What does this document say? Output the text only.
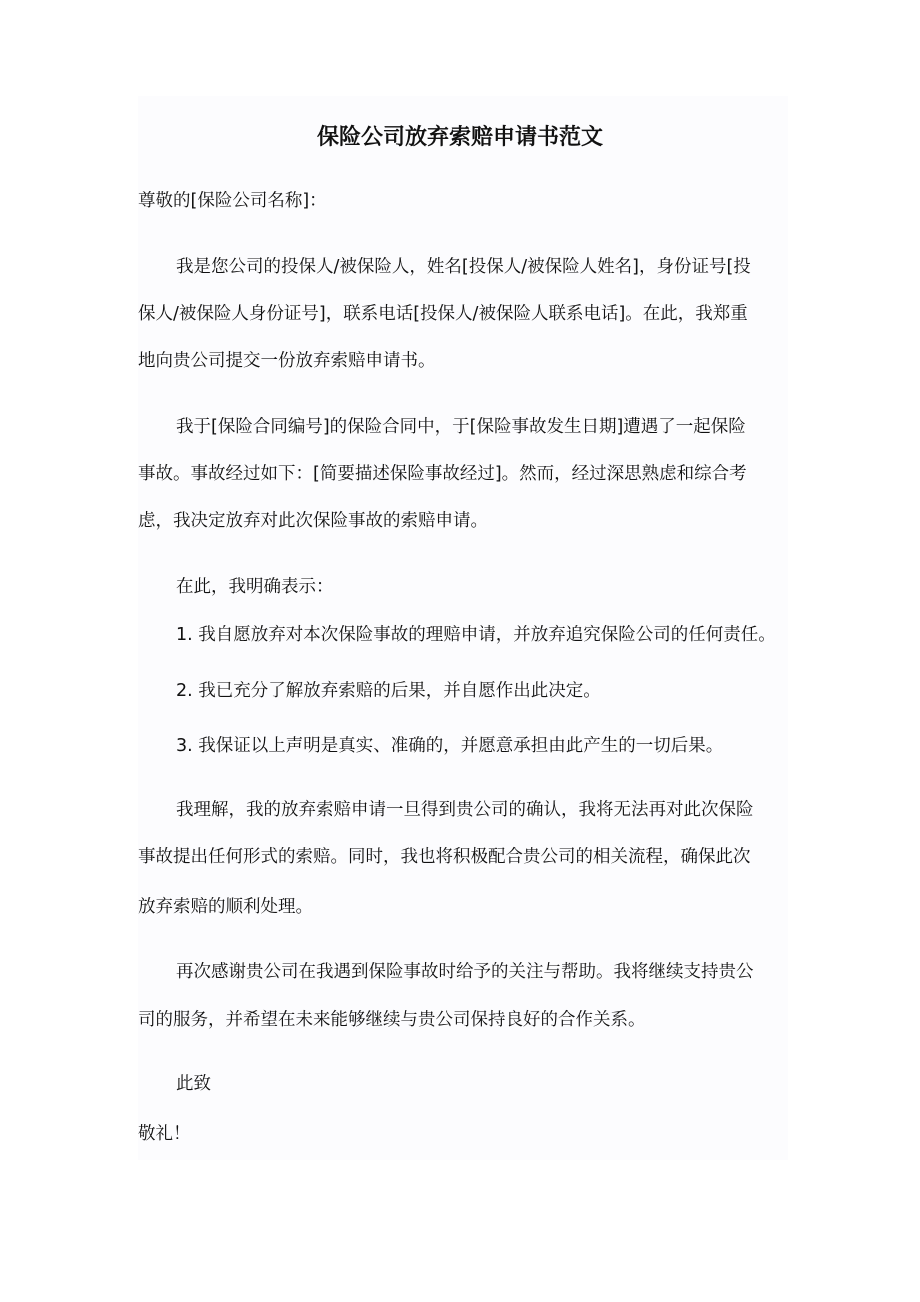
保险公司放弃索赔申请书范文

尊敬的[保险公司名称]：

我是您公司的投保人/被保险人，姓名[投保人/被保险人姓名]，身份证号[投

保人/被保险人身份证号]，联系电话[投保人/被保险人联系电话]。在此，我郑重

地向贵公司提交一份放弃索赔申请书。

我于[保险合同编号]的保险合同中，于[保险事故发生日期]遭遇了一起保险

事故。事故经过如下：[简要描述保险事故经过]。然而，经过深思熟虑和综合考

虑，我决定放弃对此次保险事故的索赔申请。

在此，我明确表示：

1. 我自愿放弃对本次保险事故的理赔申请，并放弃追究保险公司的任何责任。

2. 我已充分了解放弃索赔的后果，并自愿作出此决定。

3. 我保证以上声明是真实、准确的，并愿意承担由此产生的一切后果。

我理解，我的放弃索赔申请一旦得到贵公司的确认，我将无法再对此次保险

事故提出任何形式的索赔。同时，我也将积极配合贵公司的相关流程，确保此次

放弃索赔的顺利处理。

再次感谢贵公司在我遇到保险事故时给予的关注与帮助。我将继续支持贵公

司的服务，并希望在未来能够继续与贵公司保持良好的合作关系。

此致

敬礼！
